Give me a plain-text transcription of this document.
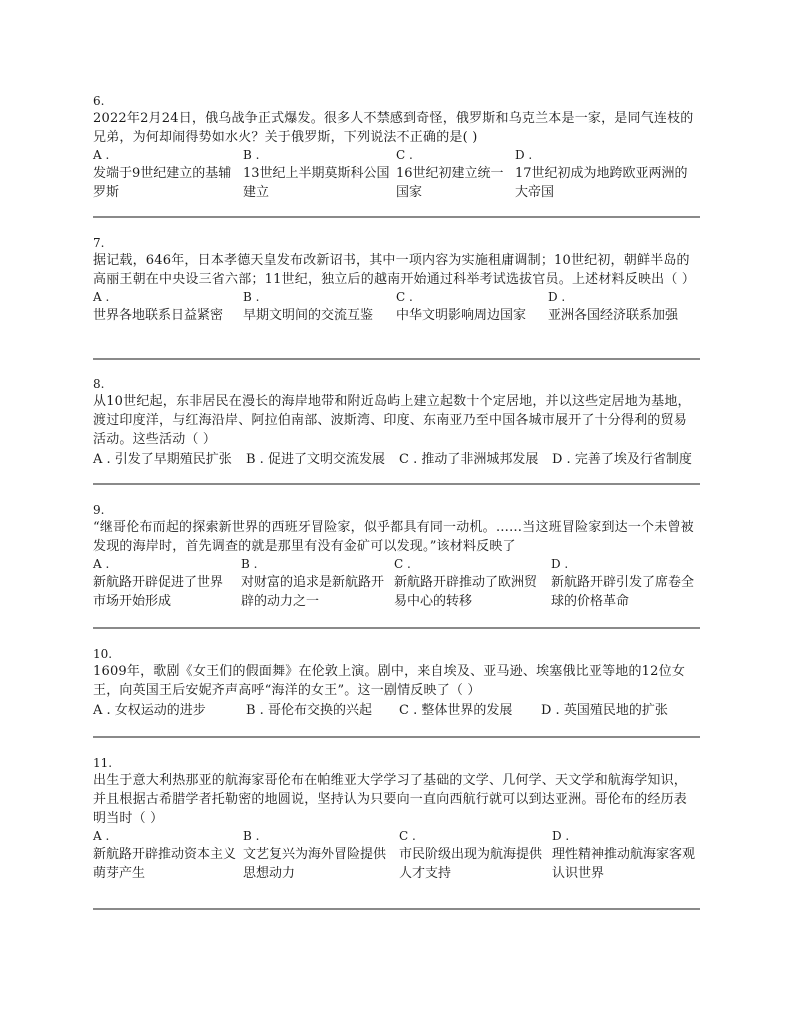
6.
2022年2月24日，俄乌战争正式爆发。很多人不禁感到奇怪，俄罗斯和乌克兰本是一家，是同气连枝的兄弟，为何却闹得势如水火？关于俄罗斯，下列说法不正确的是( )
A .
发端于9世纪建立的基辅罗斯
B .
13世纪上半期莫斯科公国建立
C .
16世纪初建立统一国家
D .
17世纪初成为地跨欧亚两洲的大帝国
7.
据记载，646年，日本孝德天皇发布改新诏书，其中一项内容为实施租庸调制；10世纪初，朝鲜半岛的高丽王朝在中央设三省六部；11世纪，独立后的越南开始通过科举考试选拔官员。上述材料反映出（ ）
A .
世界各地联系日益紧密
B .
早期文明间的交流互鉴
C .
中华文明影响周边国家
D .
亚洲各国经济联系加强
8.
从10世纪起，东非居民在漫长的海岸地带和附近岛屿上建立起数十个定居地，并以这些定居地为基地，渡过印度洋，与红海沿岸、阿拉伯南部、波斯湾、印度、东南亚乃至中国各城市展开了十分得利的贸易活动。这些活动（ ）
A . 引发了早期殖民扩张 B . 促进了文明交流发展 C . 推动了非洲城邦发展 D . 完善了埃及行省制度
9.
“继哥伦布而起的探索新世界的西班牙冒险家，似乎都具有同一动机。……当这班冒险家到达一个未曾被发现的海岸时，首先调查的就是那里有没有金矿可以发现。”该材料反映了
A .
新航路开辟促进了世界市场开始形成
B .
对财富的追求是新航路开辟的动力之一
C .
新航路开辟推动了欧洲贸易中心的转移
D .
新航路开辟引发了席卷全球的价格革命
10.
1609年，歌剧《女王们的假面舞》在伦敦上演。剧中，来自埃及、亚马逊、埃塞俄比亚等地的12位女王，向英国王后安妮齐声高呼“海洋的女王”。这一剧情反映了（ ）
A . 女权运动的进步	B . 哥伦布交换的兴起 C . 整体世界的发展 D . 英国殖民地的扩张
11.
出生于意大利热那亚的航海家哥伦布在帕维亚大学学习了基础的文学、几何学、天文学和航海学知识，并且根据古希腊学者托勒密的地圆说，坚持认为只要向一直向西航行就可以到达亚洲。哥伦布的经历表明当时（ ）
A .
新航路开辟推动资本主义萌芽产生
B .
文艺复兴为海外冒险提供思想动力
C .
市民阶级出现为航海提供人才支持
D .
理性精神推动航海家客观认识世界
